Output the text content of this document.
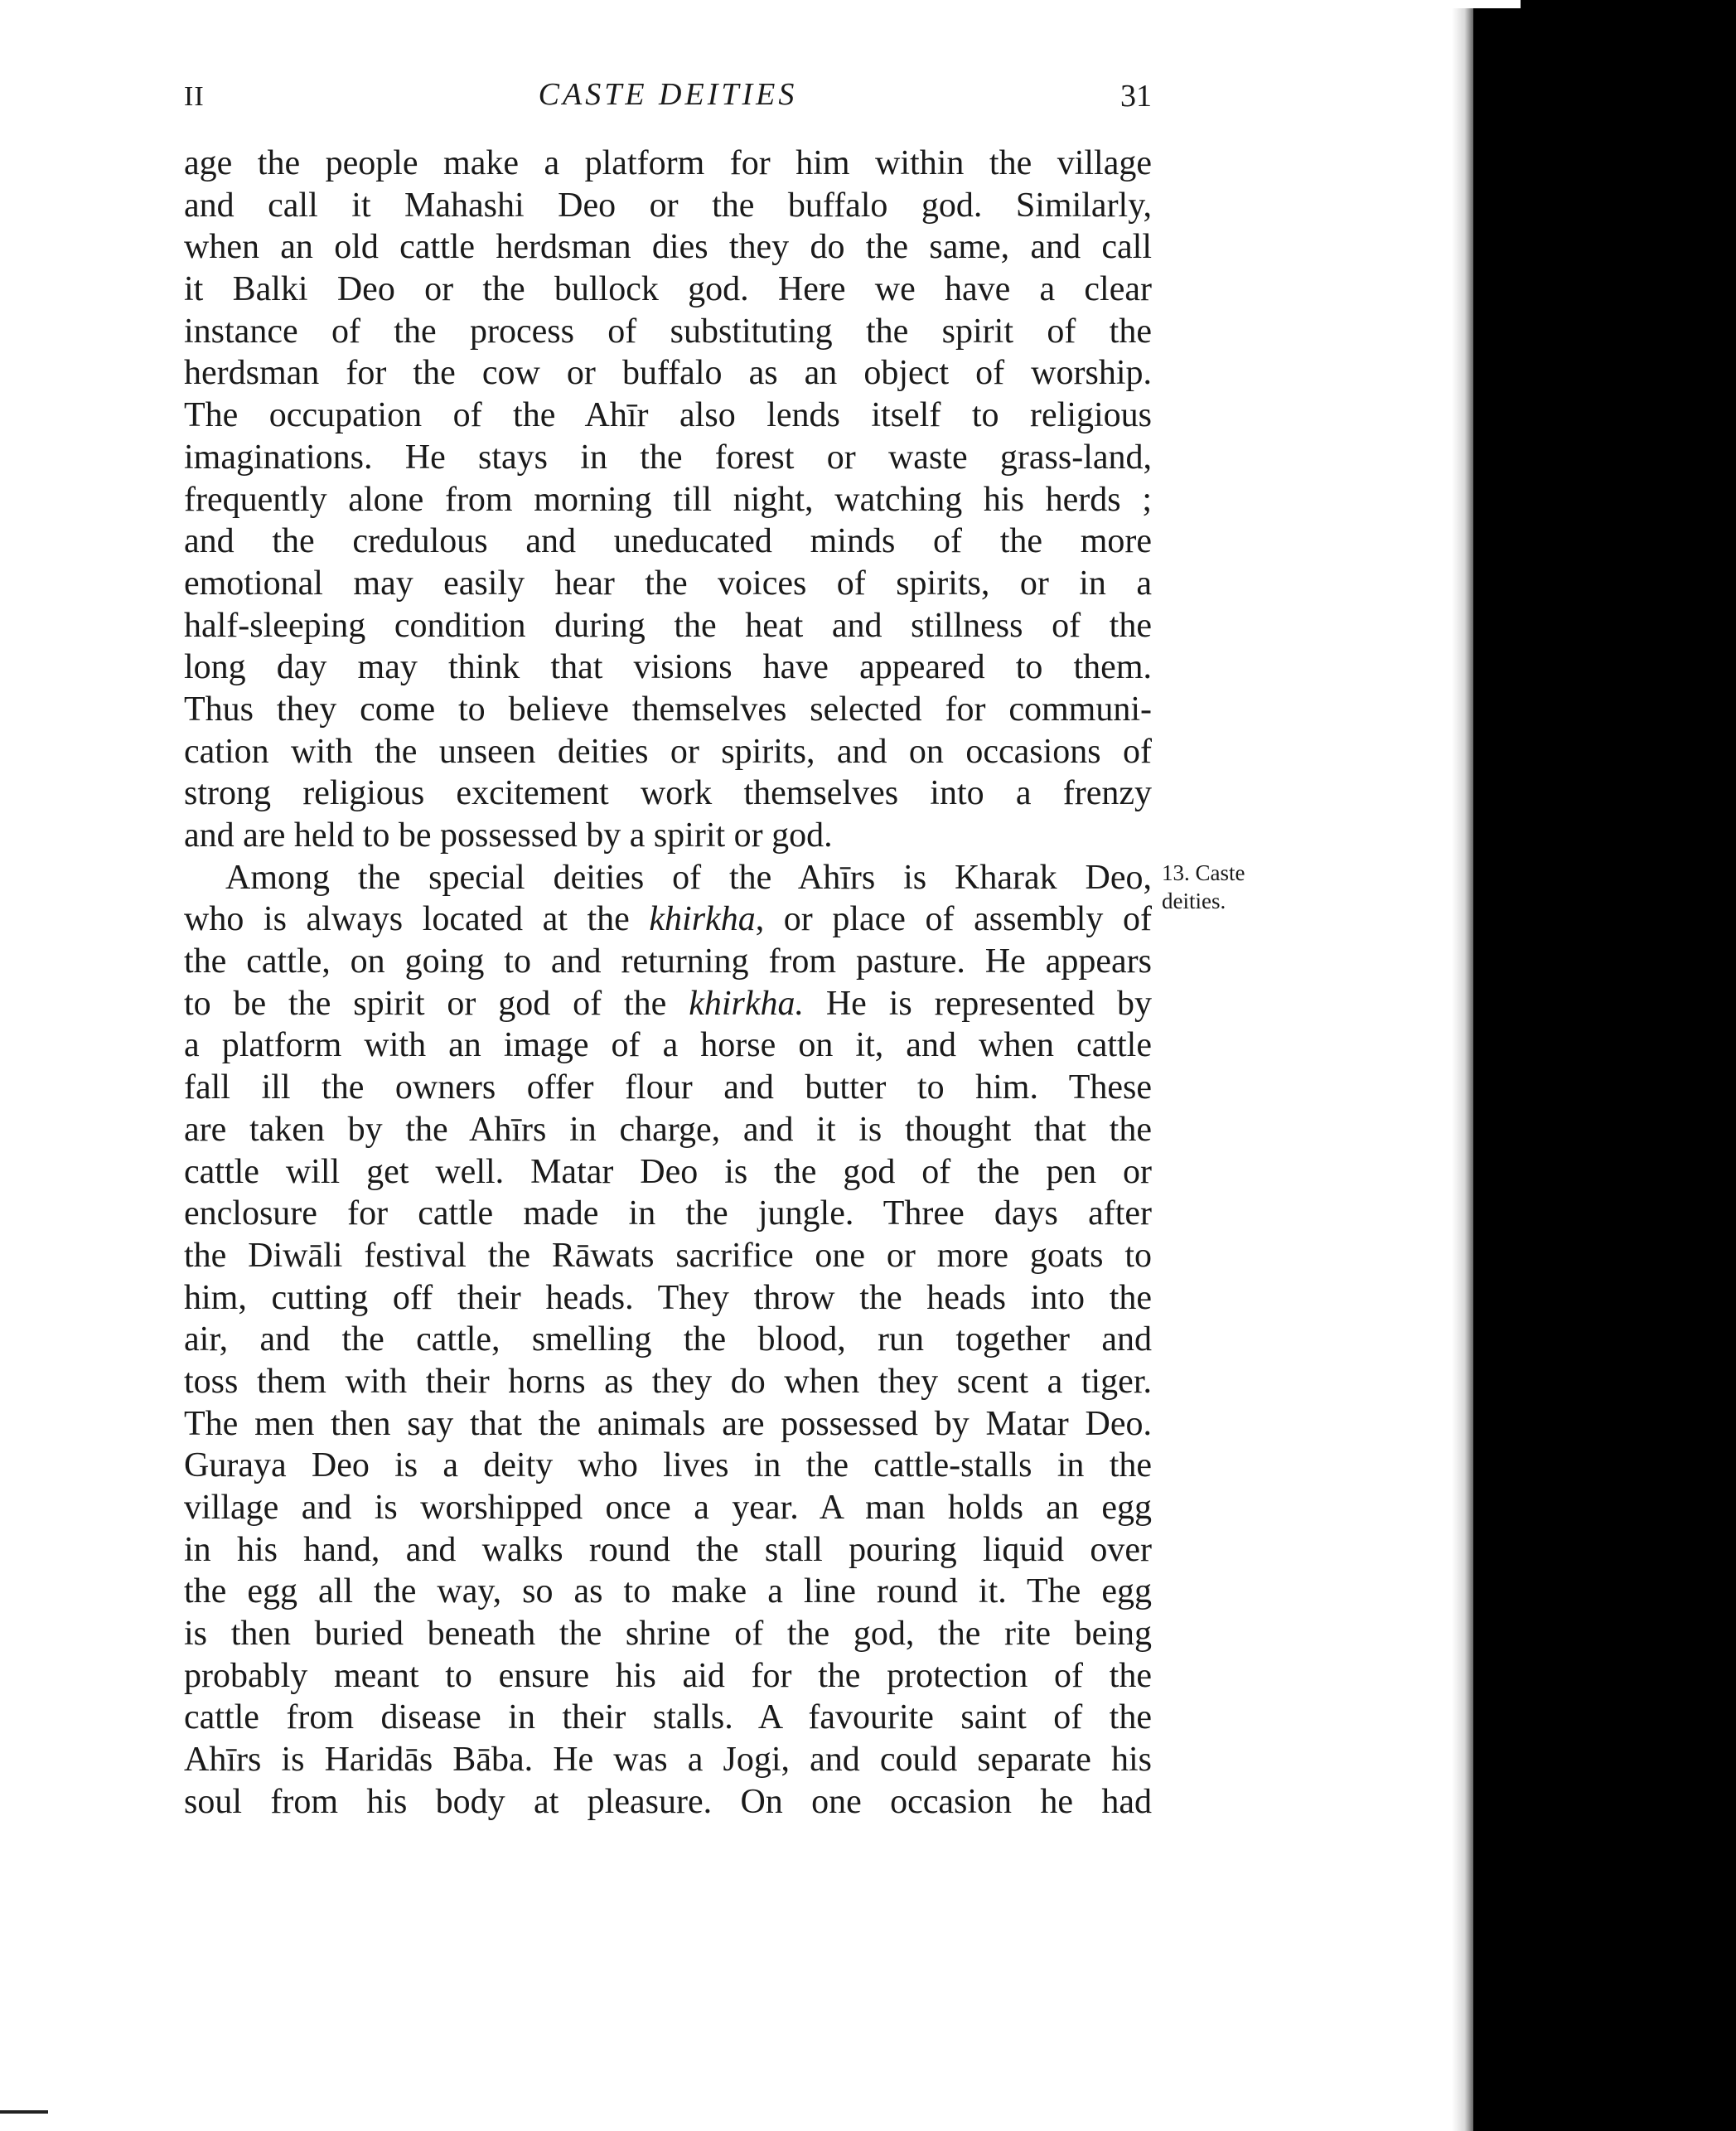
II	CASTE DEITIES	31
age the people make a platform for him within the village
and call it Mahashi Deo or the buffalo god. Similarly,
when an old cattle herdsman dies they do the same, and call
it Balki Deo or the bullock god. Here we have a clear
instance of the process of substituting the spirit of the
herdsman for the cow or buffalo as an object of worship.
The occupation of the Ahīr also lends itself to religious
imaginations. He stays in the forest or waste grass-land,
frequently alone from morning till night, watching his herds ;
and the credulous and uneducated minds of the more
emotional may easily hear the voices of spirits, or in a
half-sleeping condition during the heat and stillness of the
long day may think that visions have appeared to them.
Thus they come to believe themselves selected for communi-
cation with the unseen deities or spirits, and on occasions of
strong religious excitement work themselves into a frenzy
and are held to be possessed by a spirit or god.
Among the special deities of the Ahīrs is Kharak Deo,
who is always located at the khirkha, or place of assembly of
the cattle, on going to and returning from pasture. He appears
to be the spirit or god of the khirkha. He is represented by
a platform with an image of a horse on it, and when cattle
fall ill the owners offer flour and butter to him. These
are taken by the Ahīrs in charge, and it is thought that the
cattle will get well. Matar Deo is the god of the pen or
enclosure for cattle made in the jungle. Three days after
the Diwāli festival the Rāwats sacrifice one or more goats to
him, cutting off their heads. They throw the heads into the
air, and the cattle, smelling the blood, run together and
toss them with their horns as they do when they scent a tiger.
The men then say that the animals are possessed by Matar Deo.
Guraya Deo is a deity who lives in the cattle-stalls in the
village and is worshipped once a year. A man holds an egg
in his hand, and walks round the stall pouring liquid over
the egg all the way, so as to make a line round it. The egg
is then buried beneath the shrine of the god, the rite being
probably meant to ensure his aid for the protection of the
cattle from disease in their stalls. A favourite saint of the
Ahīrs is Haridās Bāba. He was a Jogi, and could separate his
soul from his body at pleasure. On one occasion he had
13. Caste
deities.
